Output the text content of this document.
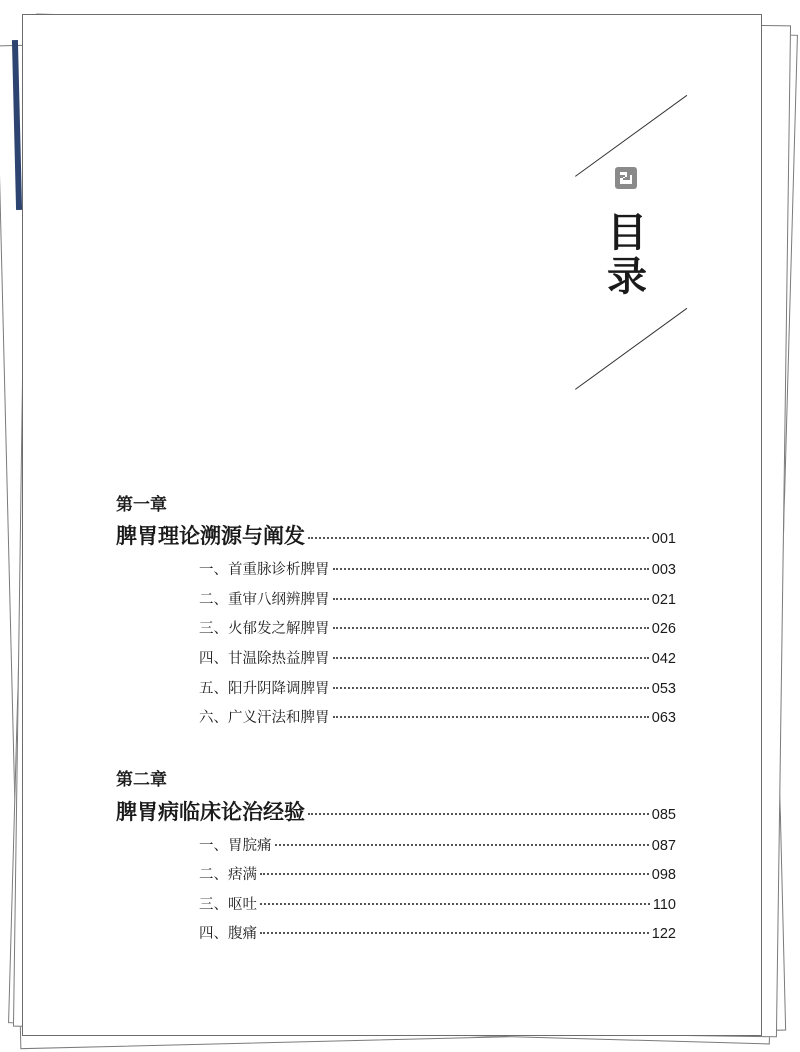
目
录
第一章
脾胃理论溯源与阐发	001
一、首重脉诊析脾胃	003
二、重审八纲辨脾胃	021
三、火郁发之解脾胃	026
四、甘温除热益脾胃	042
五、阳升阴降调脾胃	053
六、广义汗法和脾胃	063
第二章
脾胃病临床论治经验	085
一、胃脘痛	087
二、痞满	098
三、呕吐	110
四、腹痛	122
